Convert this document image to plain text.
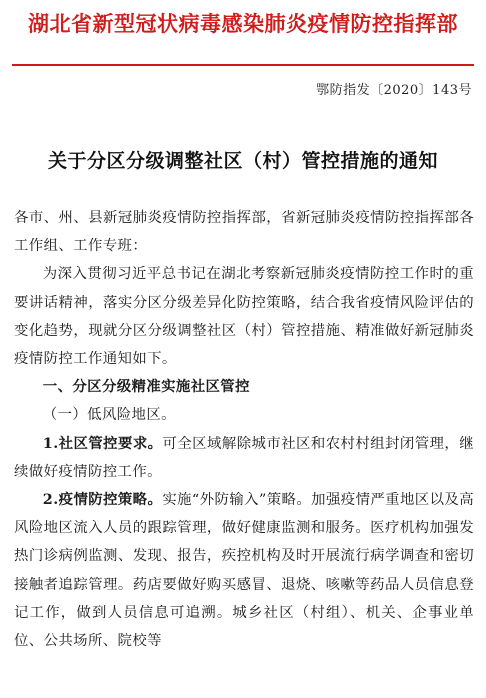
湖北省新型冠状病毒感染肺炎疫情防控指挥部
鄂防指发〔2020〕143号
关于分区分级调整社区（村）管控措施的通知

各市、州、县新冠肺炎疫情防控指挥部，省新冠肺炎疫情防控指挥部各工作组、工作专班：

为深入贯彻习近平总书记在湖北考察新冠肺炎疫情防控工作时的重要讲话精神，落实分区分级差异化防控策略，结合我省疫情风险评估的变化趋势，现就分区分级调整社区（村）管控措施、精准做好新冠肺炎疫情防控工作通知如下。

一、分区分级精准实施社区管控

（一）低风险地区。

1.社区管控要求。可全区域解除城市社区和农村村组封闭管理，继续做好疫情防控工作。

2.疫情防控策略。实施“外防输入”策略。加强疫情严重地区以及高风险地区流入人员的跟踪管理，做好健康监测和服务。医疗机构加强发热门诊病例监测、发现、报告，疾控机构及时开展流行病学调查和密切接触者追踪管理。药店要做好购买感冒、退烧、咳嗽等药品人员信息登记工作，做到人员信息可追溯。城乡社区（村组）、机关、企事业单位、公共场所、院校等
